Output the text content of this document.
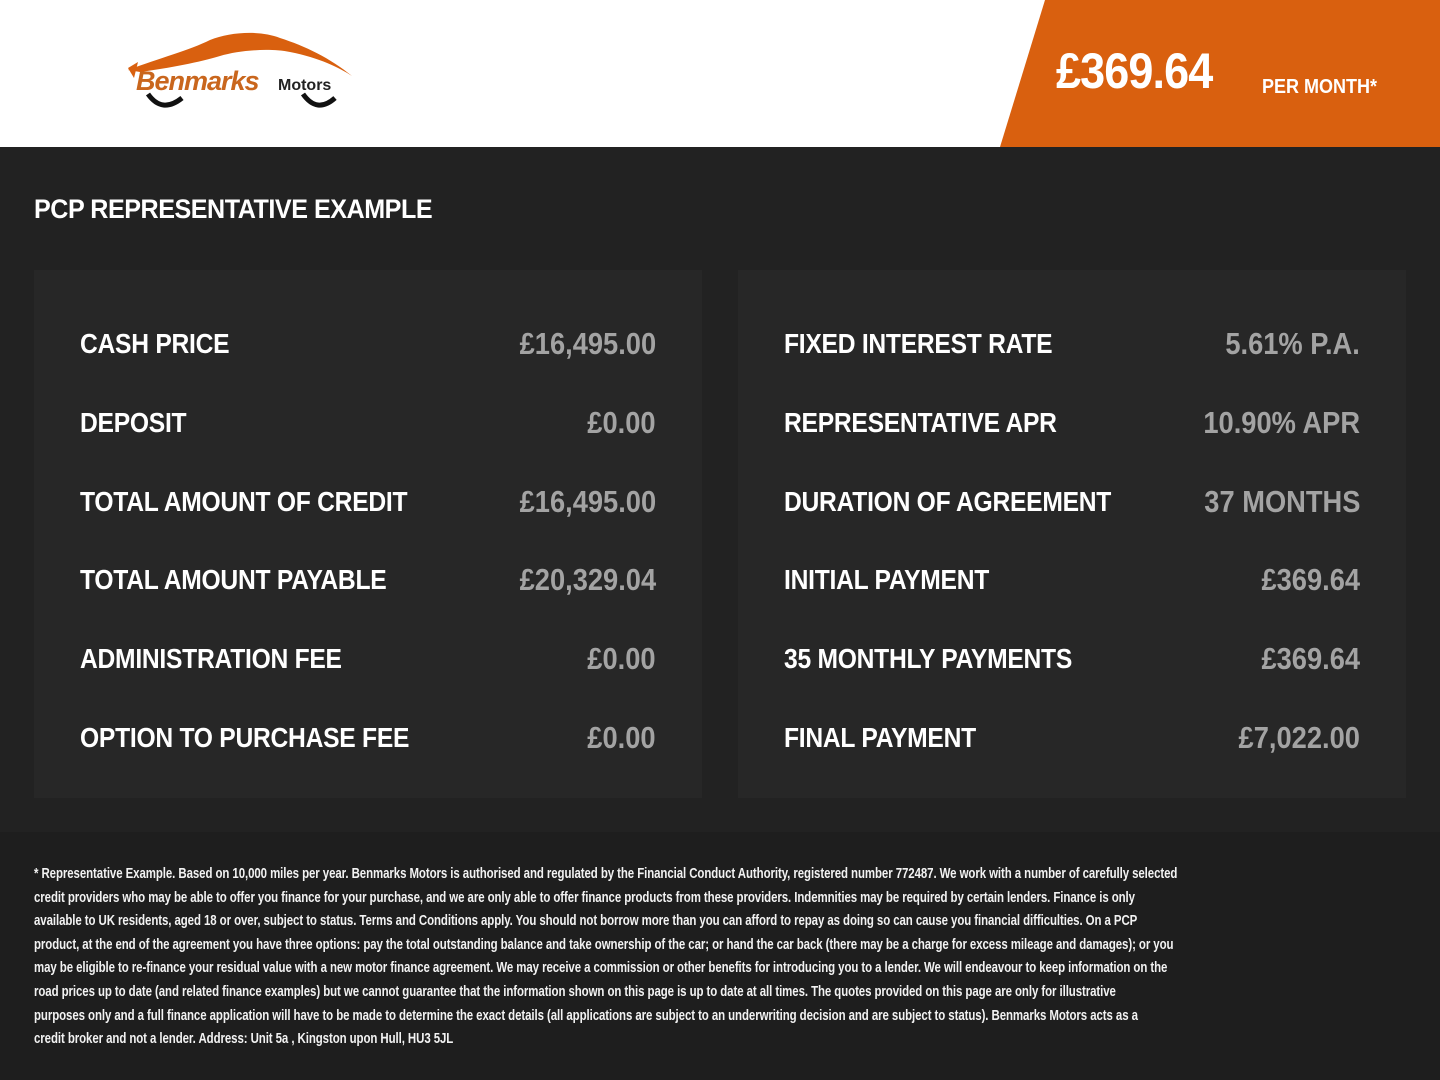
Benmarks Motors	£369.64 PER MONTH*
PCP REPRESENTATIVE EXAMPLE
CASH PRICE	£16,495.00
DEPOSIT	£0.00
TOTAL AMOUNT OF CREDIT	£16,495.00
TOTAL AMOUNT PAYABLE	£20,329.04
ADMINISTRATION FEE	£0.00
OPTION TO PURCHASE FEE	£0.00
FIXED INTEREST RATE	5.61% P.A.
REPRESENTATIVE APR	10.90% APR
DURATION OF AGREEMENT	37 MONTHS
INITIAL PAYMENT	£369.64
35 MONTHLY PAYMENTS	£369.64
FINAL PAYMENT	£7,022.00
* Representative Example. Based on 10,000 miles per year. Benmarks Motors is authorised and regulated by the Financial Conduct Authority, registered number 772487. We work with a number of carefully selected
credit providers who may be able to offer you finance for your purchase, and we are only able to offer finance products from these providers. Indemnities may be required by certain lenders. Finance is only
available to UK residents, aged 18 or over, subject to status. Terms and Conditions apply. You should not borrow more than you can afford to repay as doing so can cause you financial difficulties. On a PCP
product, at the end of the agreement you have three options: pay the total outstanding balance and take ownership of the car; or hand the car back (there may be a charge for excess mileage and damages); or you
may be eligible to re-finance your residual value with a new motor finance agreement. We may receive a commission or other benefits for introducing you to a lender. We will endeavour to keep information on the
road prices up to date (and related finance examples) but we cannot guarantee that the information shown on this page is up to date at all times. The quotes provided on this page are only for illustrative
purposes only and a full finance application will have to be made to determine the exact details (all applications are subject to an underwriting decision and are subject to status). Benmarks Motors acts as a
credit broker and not a lender. Address: Unit 5a , Kingston upon Hull, HU3 5JL
